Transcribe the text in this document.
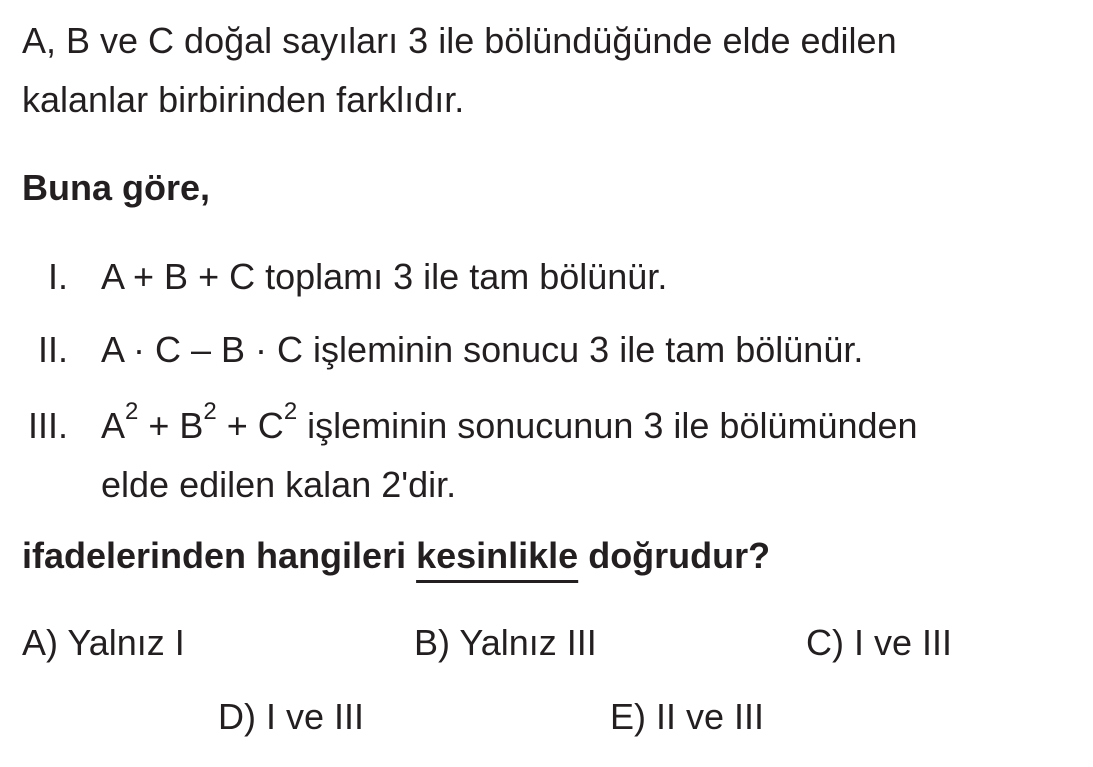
A, B ve C doğal sayıları 3 ile bölündüğünde elde edilen
kalanlar birbirinden farklıdır.
Buna göre,
I. A + B + C toplamı 3 ile tam bölünür.
II. A · C – B · C işleminin sonucu 3 ile tam bölünür.
III. $A^2 + B^2 + C^2$ işleminin sonucunun 3 ile bölümünden
elde edilen kalan 2'dir.
ifadelerinden hangileri kesinlikle doğrudur?
A) Yalnız I	B) Yalnız III	C) I ve III
D) I ve III	E) II ve III
